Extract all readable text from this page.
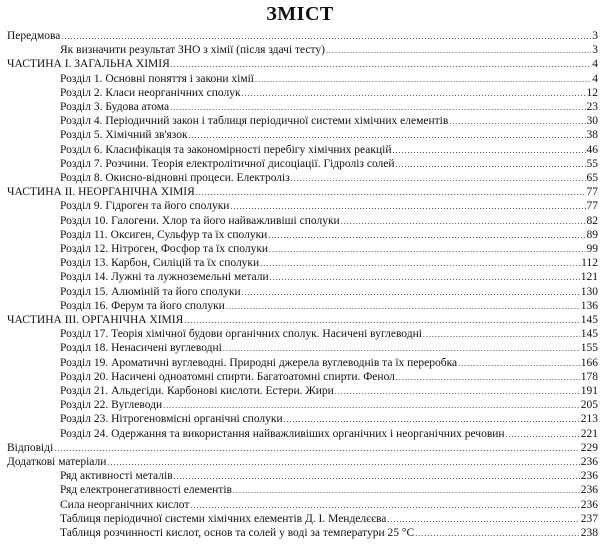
ЗМІСТ
Передмова .....	3
Як визначити результат ЗНО з хімії (після здачі тесту) .....	3
ЧАСТИНА І. ЗАГАЛЬНА ХІМІЯ .....	4
Розділ 1. Основні поняття і закони хімії .....	4
Розділ 2. Класи неорганічних сполук .....	12
Розділ 3. Будова атома .....	23
Розділ 4. Періодичний закон і таблиця періодичної системи хімічних елементів .....	30
Розділ 5. Хімічний зв'язок .....	38
Розділ 6. Класифікація та закономірності перебігу хімічних реакцій .....	46
Розділ 7. Розчини. Теорія електролітичної дисоціації. Гідроліз солей .....	55
Розділ 8. Окисно-відновні процеси. Електроліз .....	65
ЧАСТИНА ІІ. НЕОРГАНІЧНА ХІМІЯ .....	77
Розділ 9. Гідроген та його сполуки .....	77
Розділ 10. Галогени. Хлор та його найважливіші сполуки .....	82
Розділ 11. Оксиген, Сульфур та їх сполуки .....	89
Розділ 12. Нітроген, Фосфор та їх сполуки .....	99
Розділ 13. Карбон, Силіцій та їх сполуки .....	112
Розділ 14. Лужні та лужноземельні метали .....	121
Розділ 15. Алюміній та його сполуки .....	130
Розділ 16. Ферум та його сполуки .....	136
ЧАСТИНА ІІІ. ОРГАНІЧНА ХІМІЯ .....	145
Розділ 17. Теорія хімічної будови органічних сполук. Насичені вуглеводні .....	145
Розділ 18. Ненасичені вуглеводні .....	155
Розділ 19. Ароматичні вуглеводні. Природні джерела вуглеводнів та їх переробка .....	166
Розділ 20. Насичені одноатомні спирти. Багатоатомні спирти. Фенол .....	178
Розділ 21. Альдегіди. Карбонові кислоти. Естери. Жири .....	191
Розділ 22. Вуглеводи .....	205
Розділ 23. Нітрогеновмісні органічні сполуки .....	213
Розділ 24. Одержання та використання найважливіших органічних і неорганічних речовин .....	221
Відповіді .....	229
Додаткові матеріали .....	236
Ряд активності металів .....	236
Ряд електронегативності елементів .....	236
Сила неорганічних кислот .....	236
Таблиця періодичної системи хімічних елементів Д. І. Менделєєва .....	237
Таблиця розчинності кислот, основ та солей у воді за температури 25 °С .....	238
